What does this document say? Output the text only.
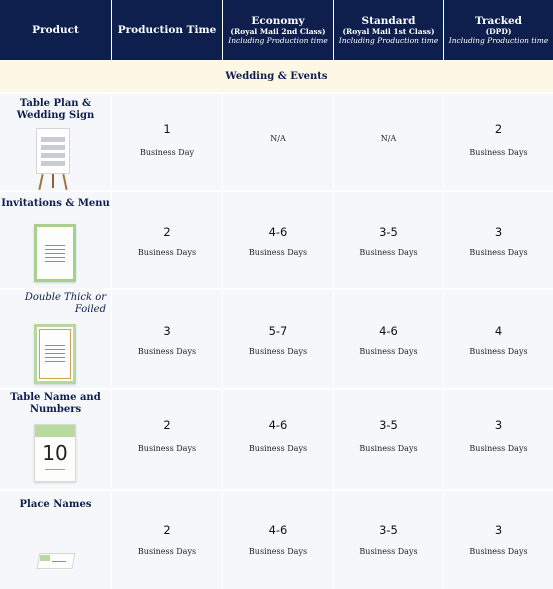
Product	Production Time
Economy
(Royal Mail 2nd Class)
Including Production time
Standard
(Royal Mail 1st Class)
Including Production time
Tracked
(DPD)
Including Production time
Wedding & Events
Table Plan & Wedding Sign
1
Business Day
N/A	N/A
2
Business Days
Invitations & Menu
2
Business Days
4-6
Business Days
3-5
Business Days
3
Business Days
Double Thick or Foiled
3
Business Days
5-7
Business Days
4-6
Business Days
4
Business Days
Table Name and Numbers
10
2
Business Days
4-6
Business Days
3-5
Business Days
3
Business Days
Place Names
2
Business Days
4-6
Business Days
3-5
Business Days
3
Business Days
